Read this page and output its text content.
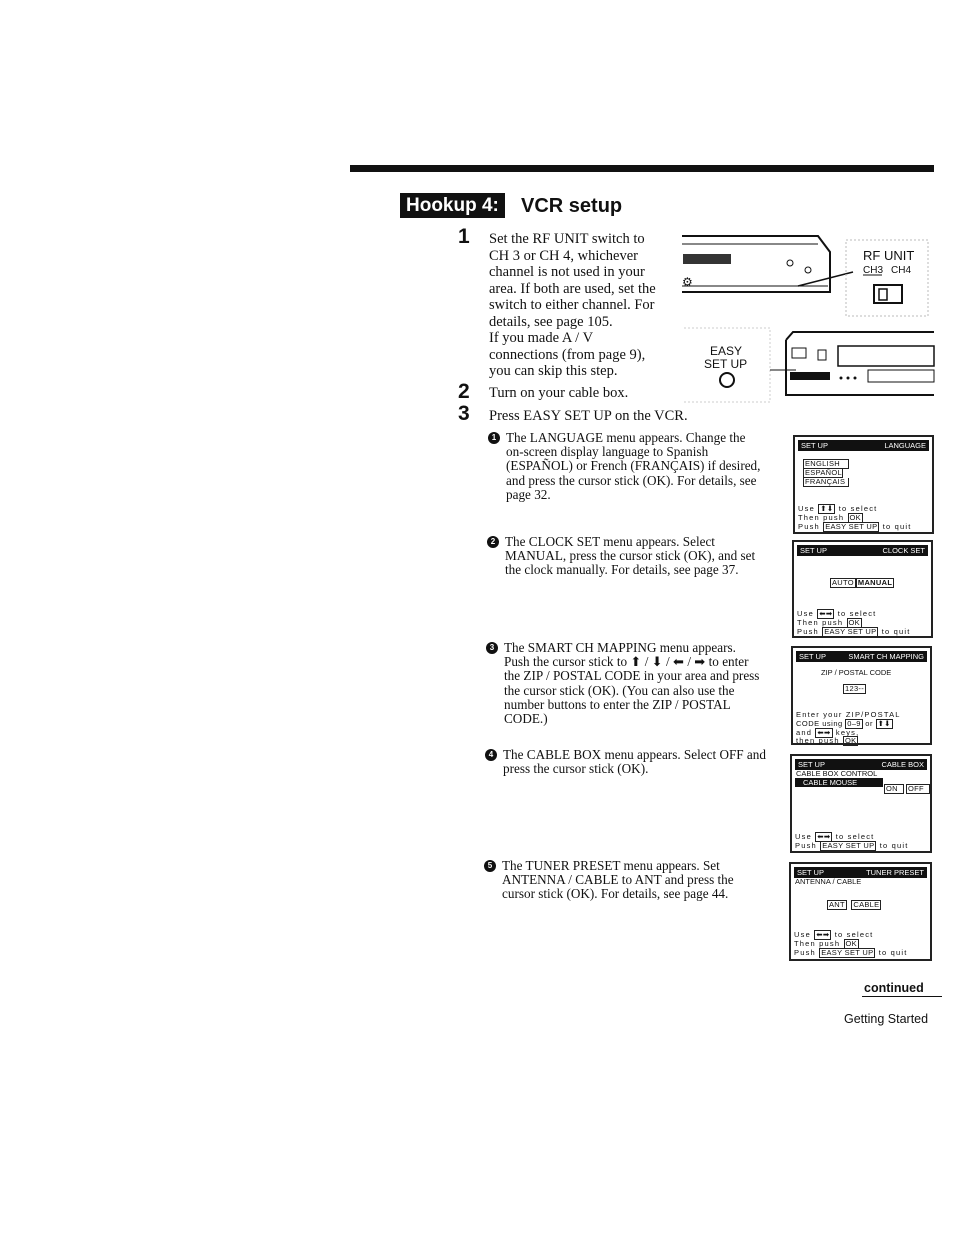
Hookup 4:	VCR setup
1 Set the RF UNIT switch to
CH 3 or CH 4, whichever
channel is not used in your
area. If both are used, set the
switch to either channel. For
details, see page 105.
If you made A / V
connections (from page 9),
you can skip this step.
⚙
RF UNIT
CH3 CH4
EASY
SET UP
2 Turn on your cable box.
3 Press EASY SET UP on the VCR.
1 The LANGUAGE menu appears. Change the
on-screen display language to Spanish
(ESPAÑOL) or French (FRANÇAIS) if desired,
and press the cursor stick (OK). For details, see
page 32.
2 The CLOCK SET menu appears. Select
MANUAL, press the cursor stick (OK), and set
the clock manually. For details, see page 37.
3 The SMART CH MAPPING menu appears.
Push the cursor stick to ⬆ / ⬇ / ⬅ / ➡ to enter
the ZIP / POSTAL CODE in your area and press
the cursor stick (OK). (You can also use the
number buttons to enter the ZIP / POSTAL
CODE.)
4 The CABLE BOX menu appears. Select OFF and
press the cursor stick (OK).
5 The TUNER PRESET menu appears. Set
ANTENNA / CABLE to ANT and press the
cursor stick (OK). For details, see page 44.
SET UP	LANGUAGE
ENGLISH
ESPAÑOL
FRANÇAIS
Use ⬆⬇ to select
Then push OK
Push EASY SET UP to quit
SET UP	CLOCK SET
AUTO MANUAL
Use ⬅➡ to select
Then push OK
Push EASY SET UP to quit
SET UP	SMART CH MAPPING
ZIP / POSTAL CODE
123--
Enter your ZIP/POSTAL
CODE using 0–9 or ⬆⬇
and ⬅➡ keys,
then push OK
SET UP	CABLE BOX
CABLE BOX CONTROL
CABLE MOUSE
ON OFF
Use ⬅➡ to select
Push EASY SET UP to quit
SET UP	TUNER PRESET
ANTENNA / CABLE
ANT CABLE
Use ⬅➡ to select
Then push OK
Push EASY SET UP to quit
continued
Getting Started
